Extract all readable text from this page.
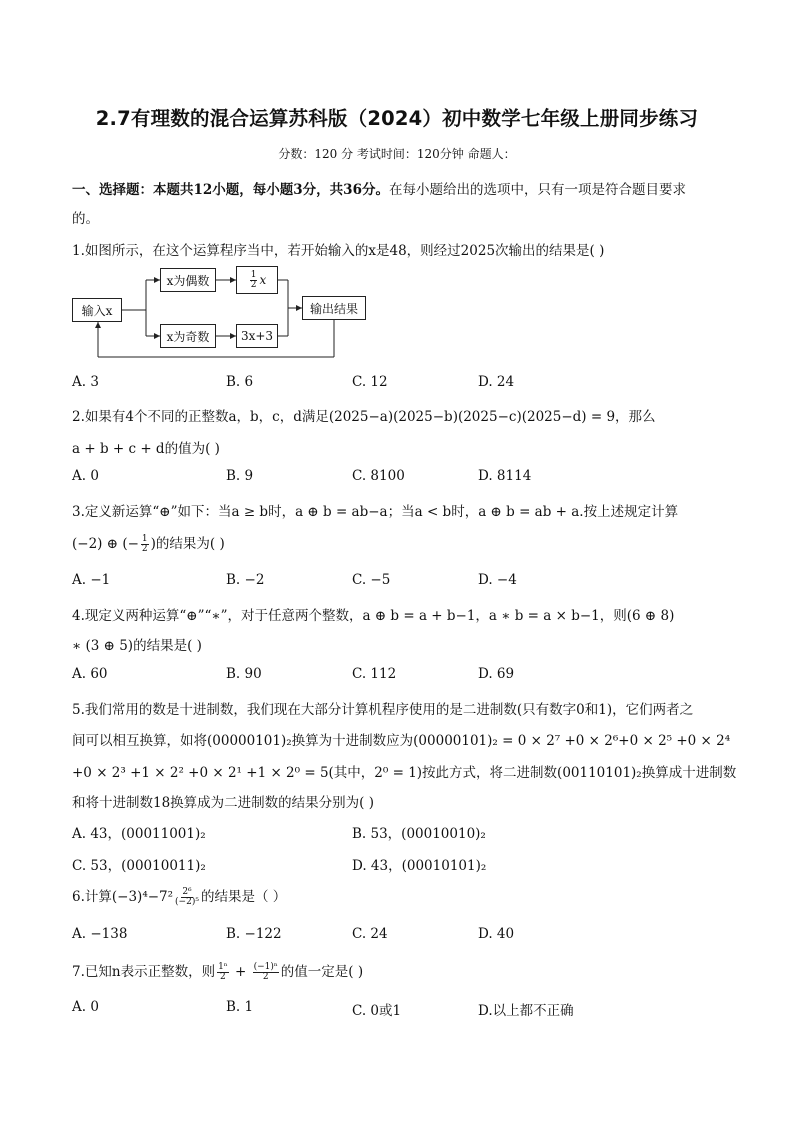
2.7有理数的混合运算苏科版（2024）初中数学七年级上册同步练习
分数：120 分 考试时间：120分钟 命题人：
一、选择题：本题共12小题，每小题3分，共36分。在每小题给出的选项中，只有一项是符合题目要求
的。
1.如图所示，在这个运算程序当中，若开始输入的x是48，则经过2025次输出的结果是( )
输入x
x为偶数
x为奇数
$\frac{1}{2}$ x
3x+3
输出结果
A. 3	B. 6	C. 12	D. 24
2.如果有4个不同的正整数a，b，c，d满足(2025−a)(2025−b)(2025−c)(2025−d) = 9，那么
a + b + c + d的值为( )
A. 0	B. 9	C. 8100	D. 8114
3.定义新运算“⊕”如下：当a ≥ b时，a ⊕ b = ab−a；当a < b时，a ⊕ b = ab + a.按上述规定计算
(−2) ⊕ (− $\frac{1}{2}$ )的结果为( )
A. −1	B. −2	C. −5	D. −4
4.现定义两种运算“⊕”“∗”，对于任意两个整数，a ⊕ b = a + b−1，a ∗ b = a × b−1，则(6 ⊕ 8)
∗ (3 ⊕ 5)的结果是( )
A. 60	B. 90	C. 112	D. 69
5.我们常用的数是十进制数，我们现在大部分计算机程序使用的是二进制数(只有数字0和1)，它们两者之
间可以相互换算，如将(00000101)₂换算为十进制数应为(00000101)₂ = 0 × 2⁷ +0 × 2⁶+0 × 2⁵ +0 × 2⁴
+0 × 2³ +1 × 2² +0 × 2¹ +1 × 2⁰ = 5(其中，2⁰ = 1)按此方式，将二进制数(00110101)₂换算成十进制数
和将十进制数18换算成为二进制数的结果分别为( )
A. 43，(00011001)₂	B. 53，(00010010)₂
C. 53，(00010011)₂	D. 43，(00010101)₂
6.计算$(-3)^4-7^2 \frac{\text{2⁶}}{\text{(−2)⁵}}$ 的结果是（ ）
A. −138	B. −122	C. 24	D. 40
7.已知n表示正整数，则 $\frac{\text{1ⁿ}}{2} + \frac{\text{(−1)ⁿ}}{2}$ 的值一定是( )
A. 0	B. 1	C. 0或1	D.以上都不正确
